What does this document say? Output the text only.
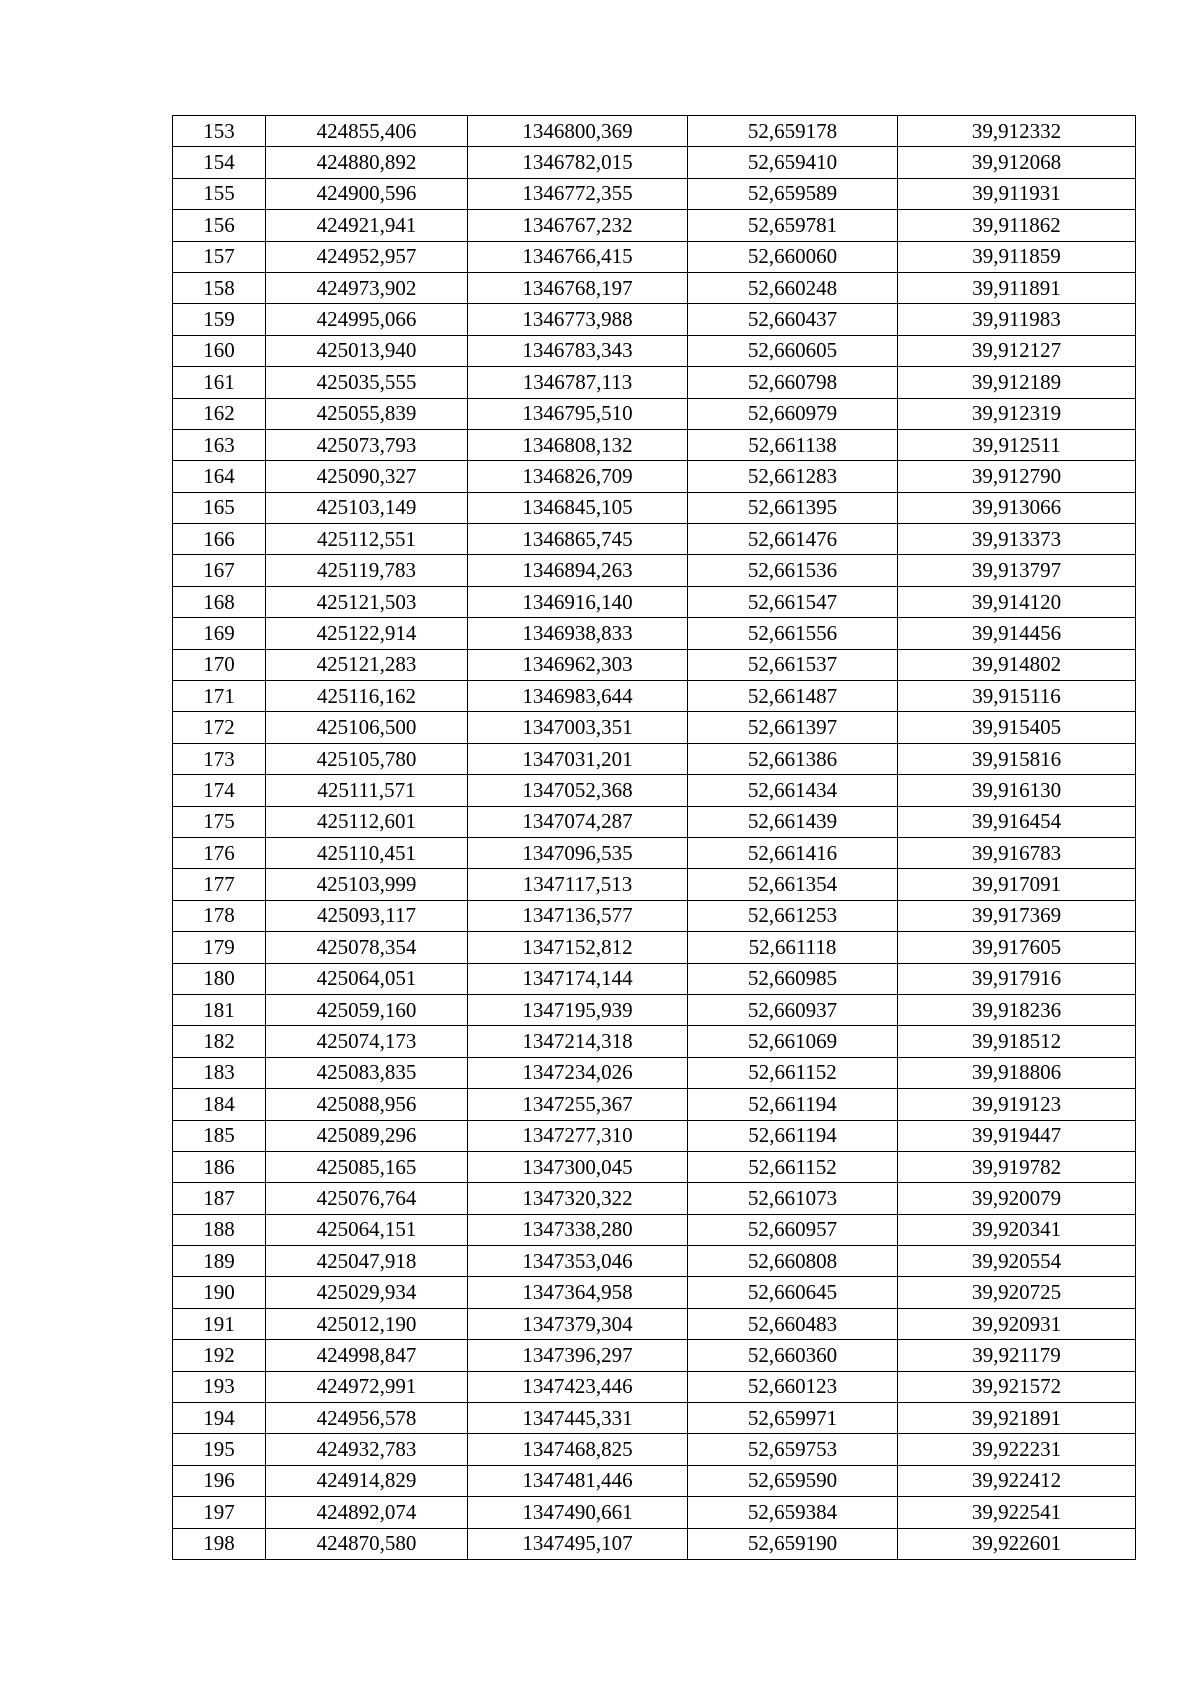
153	424855,406	1346800,369	52,659178	39,912332
154	424880,892	1346782,015	52,659410	39,912068
155	424900,596	1346772,355	52,659589	39,911931
156	424921,941	1346767,232	52,659781	39,911862
157	424952,957	1346766,415	52,660060	39,911859
158	424973,902	1346768,197	52,660248	39,911891
159	424995,066	1346773,988	52,660437	39,911983
160	425013,940	1346783,343	52,660605	39,912127
161	425035,555	1346787,113	52,660798	39,912189
162	425055,839	1346795,510	52,660979	39,912319
163	425073,793	1346808,132	52,661138	39,912511
164	425090,327	1346826,709	52,661283	39,912790
165	425103,149	1346845,105	52,661395	39,913066
166	425112,551	1346865,745	52,661476	39,913373
167	425119,783	1346894,263	52,661536	39,913797
168	425121,503	1346916,140	52,661547	39,914120
169	425122,914	1346938,833	52,661556	39,914456
170	425121,283	1346962,303	52,661537	39,914802
171	425116,162	1346983,644	52,661487	39,915116
172	425106,500	1347003,351	52,661397	39,915405
173	425105,780	1347031,201	52,661386	39,915816
174	425111,571	1347052,368	52,661434	39,916130
175	425112,601	1347074,287	52,661439	39,916454
176	425110,451	1347096,535	52,661416	39,916783
177	425103,999	1347117,513	52,661354	39,917091
178	425093,117	1347136,577	52,661253	39,917369
179	425078,354	1347152,812	52,661118	39,917605
180	425064,051	1347174,144	52,660985	39,917916
181	425059,160	1347195,939	52,660937	39,918236
182	425074,173	1347214,318	52,661069	39,918512
183	425083,835	1347234,026	52,661152	39,918806
184	425088,956	1347255,367	52,661194	39,919123
185	425089,296	1347277,310	52,661194	39,919447
186	425085,165	1347300,045	52,661152	39,919782
187	425076,764	1347320,322	52,661073	39,920079
188	425064,151	1347338,280	52,660957	39,920341
189	425047,918	1347353,046	52,660808	39,920554
190	425029,934	1347364,958	52,660645	39,920725
191	425012,190	1347379,304	52,660483	39,920931
192	424998,847	1347396,297	52,660360	39,921179
193	424972,991	1347423,446	52,660123	39,921572
194	424956,578	1347445,331	52,659971	39,921891
195	424932,783	1347468,825	52,659753	39,922231
196	424914,829	1347481,446	52,659590	39,922412
197	424892,074	1347490,661	52,659384	39,922541
198	424870,580	1347495,107	52,659190	39,922601
